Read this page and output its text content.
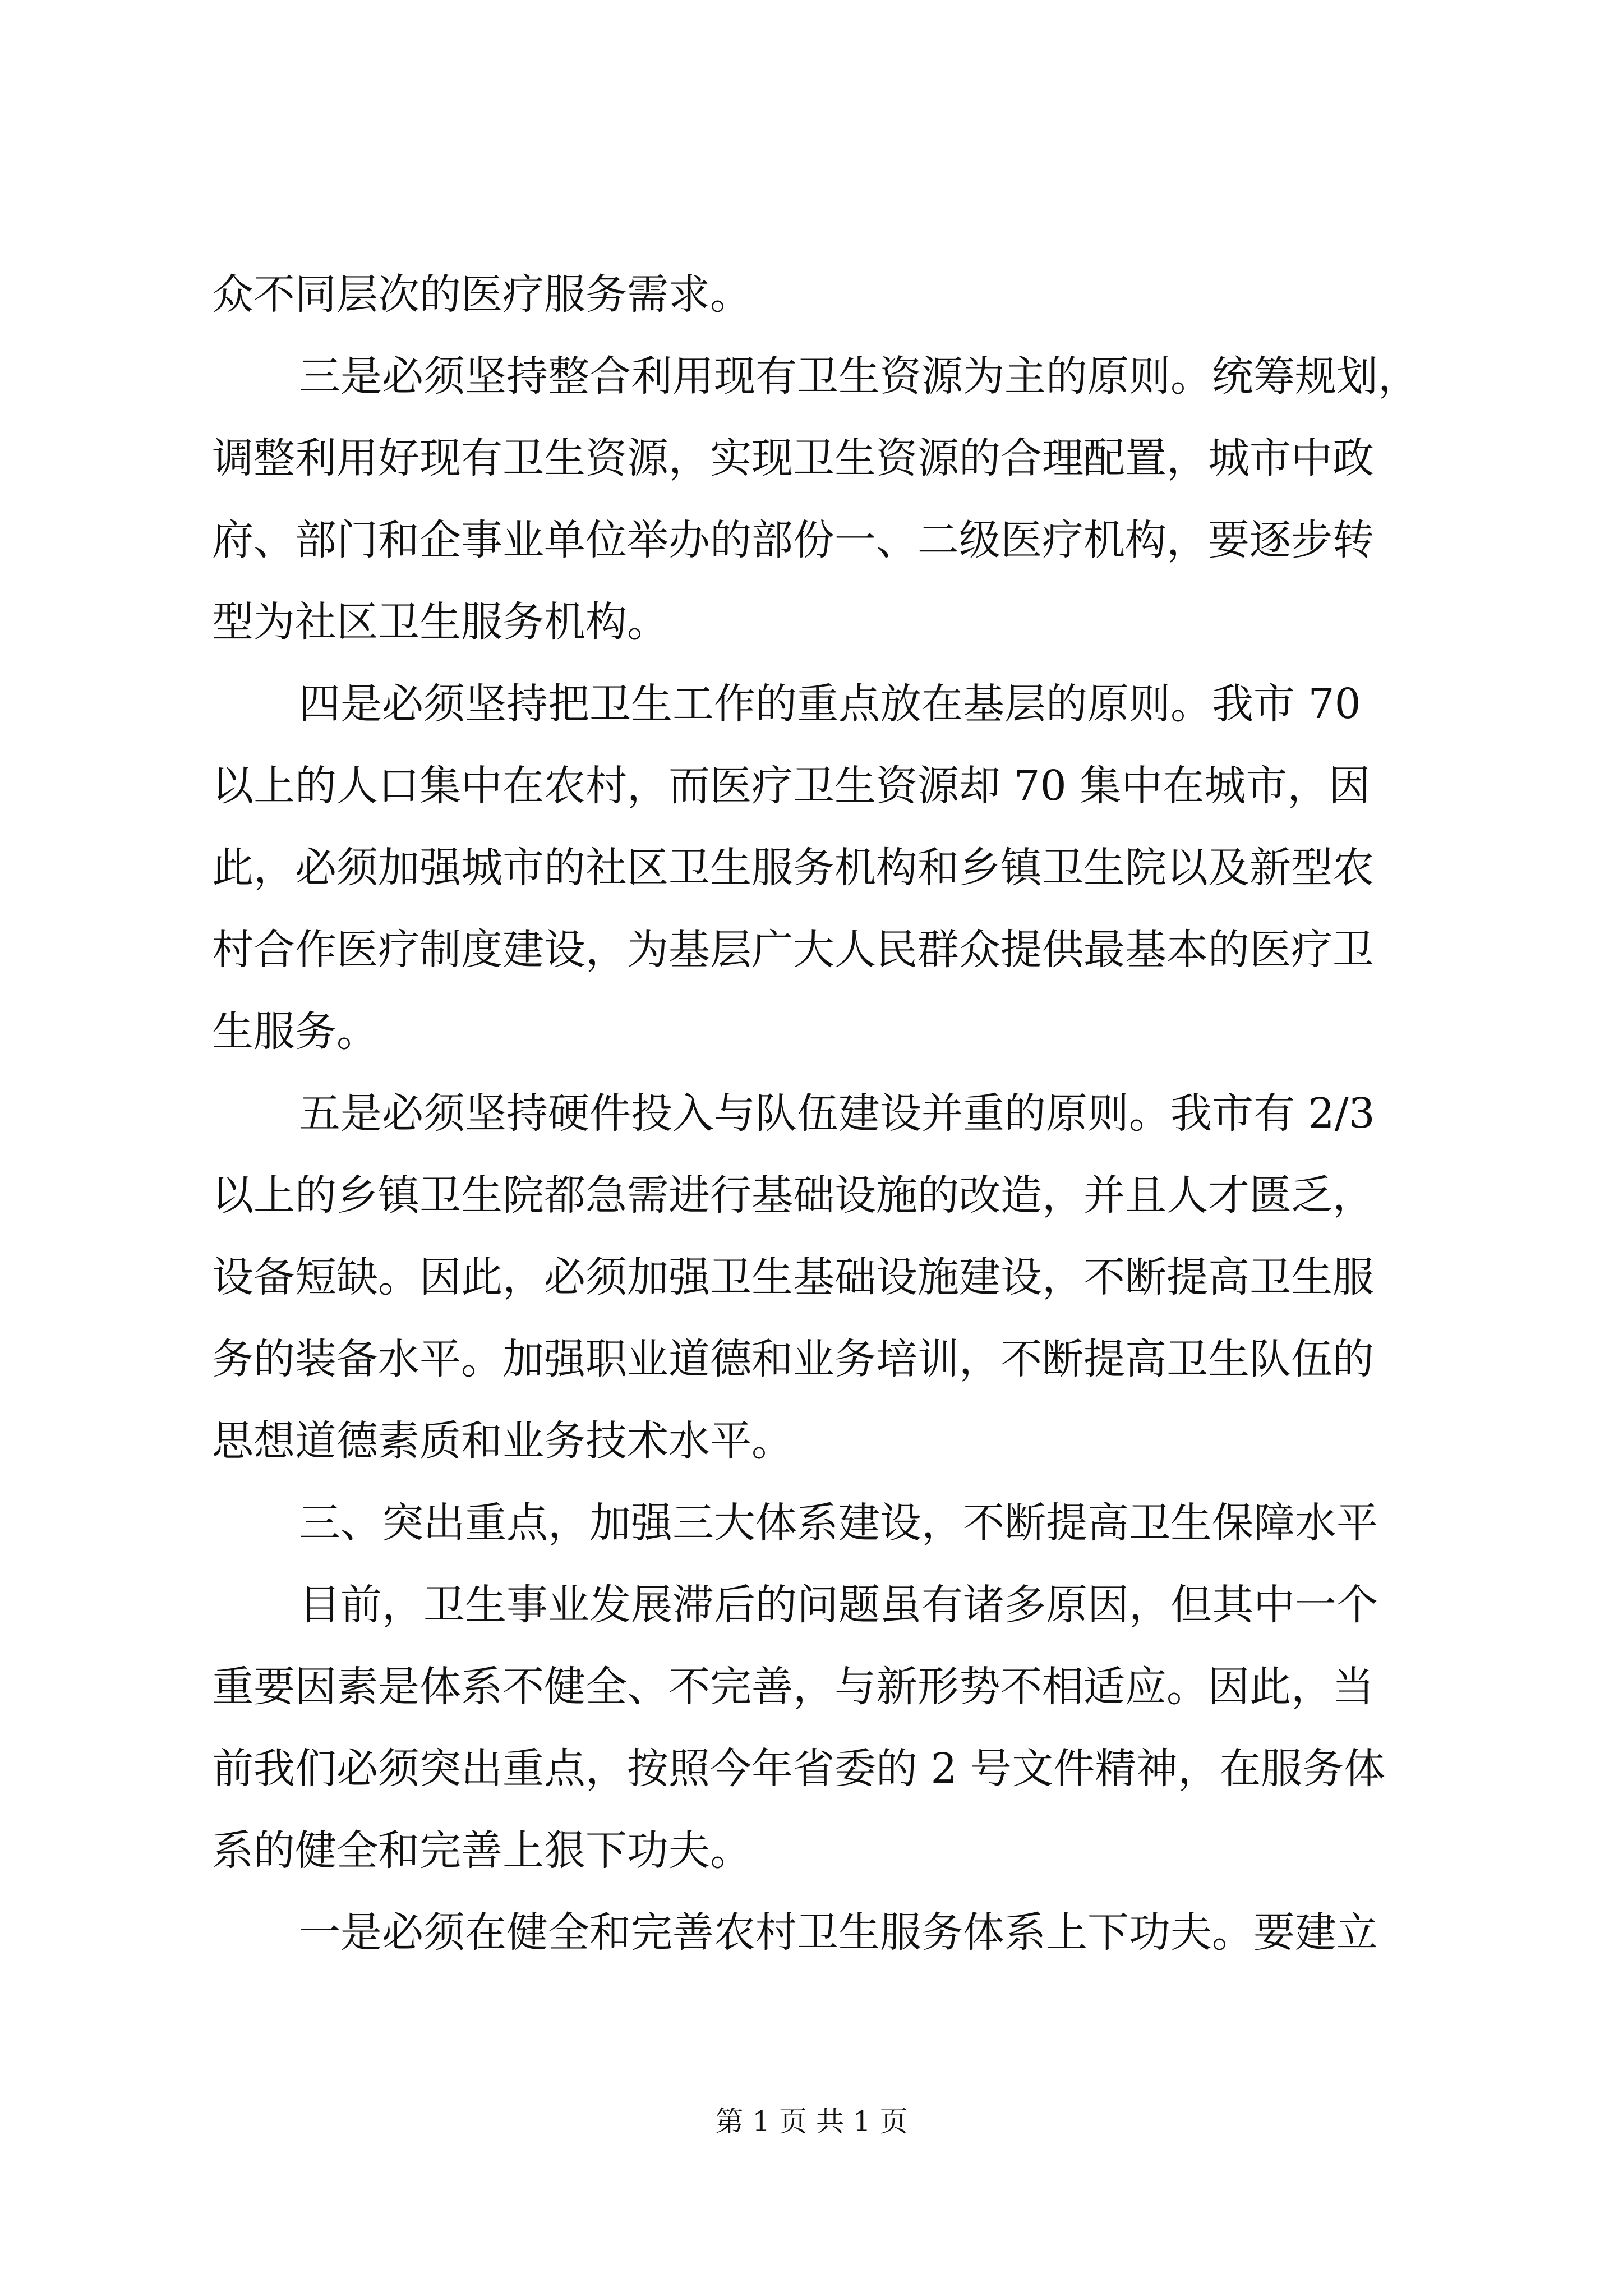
众不同层次的医疗服务需求。
三是必须坚持整合利用现有卫生资源为主的原则。统筹规划，
调整利用好现有卫生资源，实现卫生资源的合理配置，城市中政
府、部门和企事业单位举办的部份一、二级医疗机构，要逐步转
型为社区卫生服务机构。
四是必须坚持把卫生工作的重点放在基层的原则。我市 70
以上的人口集中在农村，而医疗卫生资源却 70 集中在城市，因
此，必须加强城市的社区卫生服务机构和乡镇卫生院以及新型农
村合作医疗制度建设，为基层广大人民群众提供最基本的医疗卫
生服务。
五是必须坚持硬件投入与队伍建设并重的原则。我市有 2/3
以上的乡镇卫生院都急需进行基础设施的改造，并且人才匮乏，
设备短缺。因此，必须加强卫生基础设施建设，不断提高卫生服
务的装备水平。加强职业道德和业务培训，不断提高卫生队伍的
思想道德素质和业务技术水平。
三、突出重点，加强三大体系建设，不断提高卫生保障水平
目前，卫生事业发展滞后的问题虽有诸多原因，但其中一个
重要因素是体系不健全、不完善，与新形势不相适应。因此，当
前我们必须突出重点，按照今年省委的 2 号文件精神，在服务体
系的健全和完善上狠下功夫。
一是必须在健全和完善农村卫生服务体系上下功夫。要建立
第 1 页 共 1 页
